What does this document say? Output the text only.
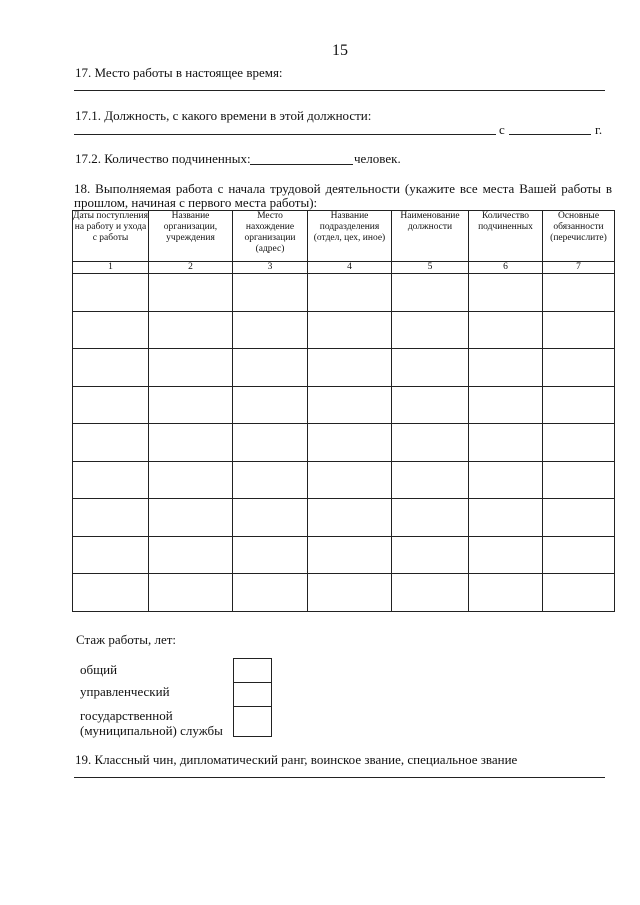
15
17. Место работы в настоящее время:
17.1. Должность, с какого времени в этой должности:
с	г.
17.2. Количество подчиненных:	человек.
18. Выполняемая работа с начала трудовой деятельности (укажите все места Вашей работы в
прошлом, начиная с первого места работы):
Даты поступления на работу и ухода с работы	Название организации, учреждения	Место нахождение организации (адрес)	Название подразделения (отдел, цех, иное)	Наименование должности	Количество подчиненных	Основные обязанности (перечислите)
1	2	3	4	5	6	7

Стаж работы, лет:
общий
управленческий
государственной
(муниципальной) службы
19. Классный чин, дипломатический ранг, воинское звание, специальное звание
